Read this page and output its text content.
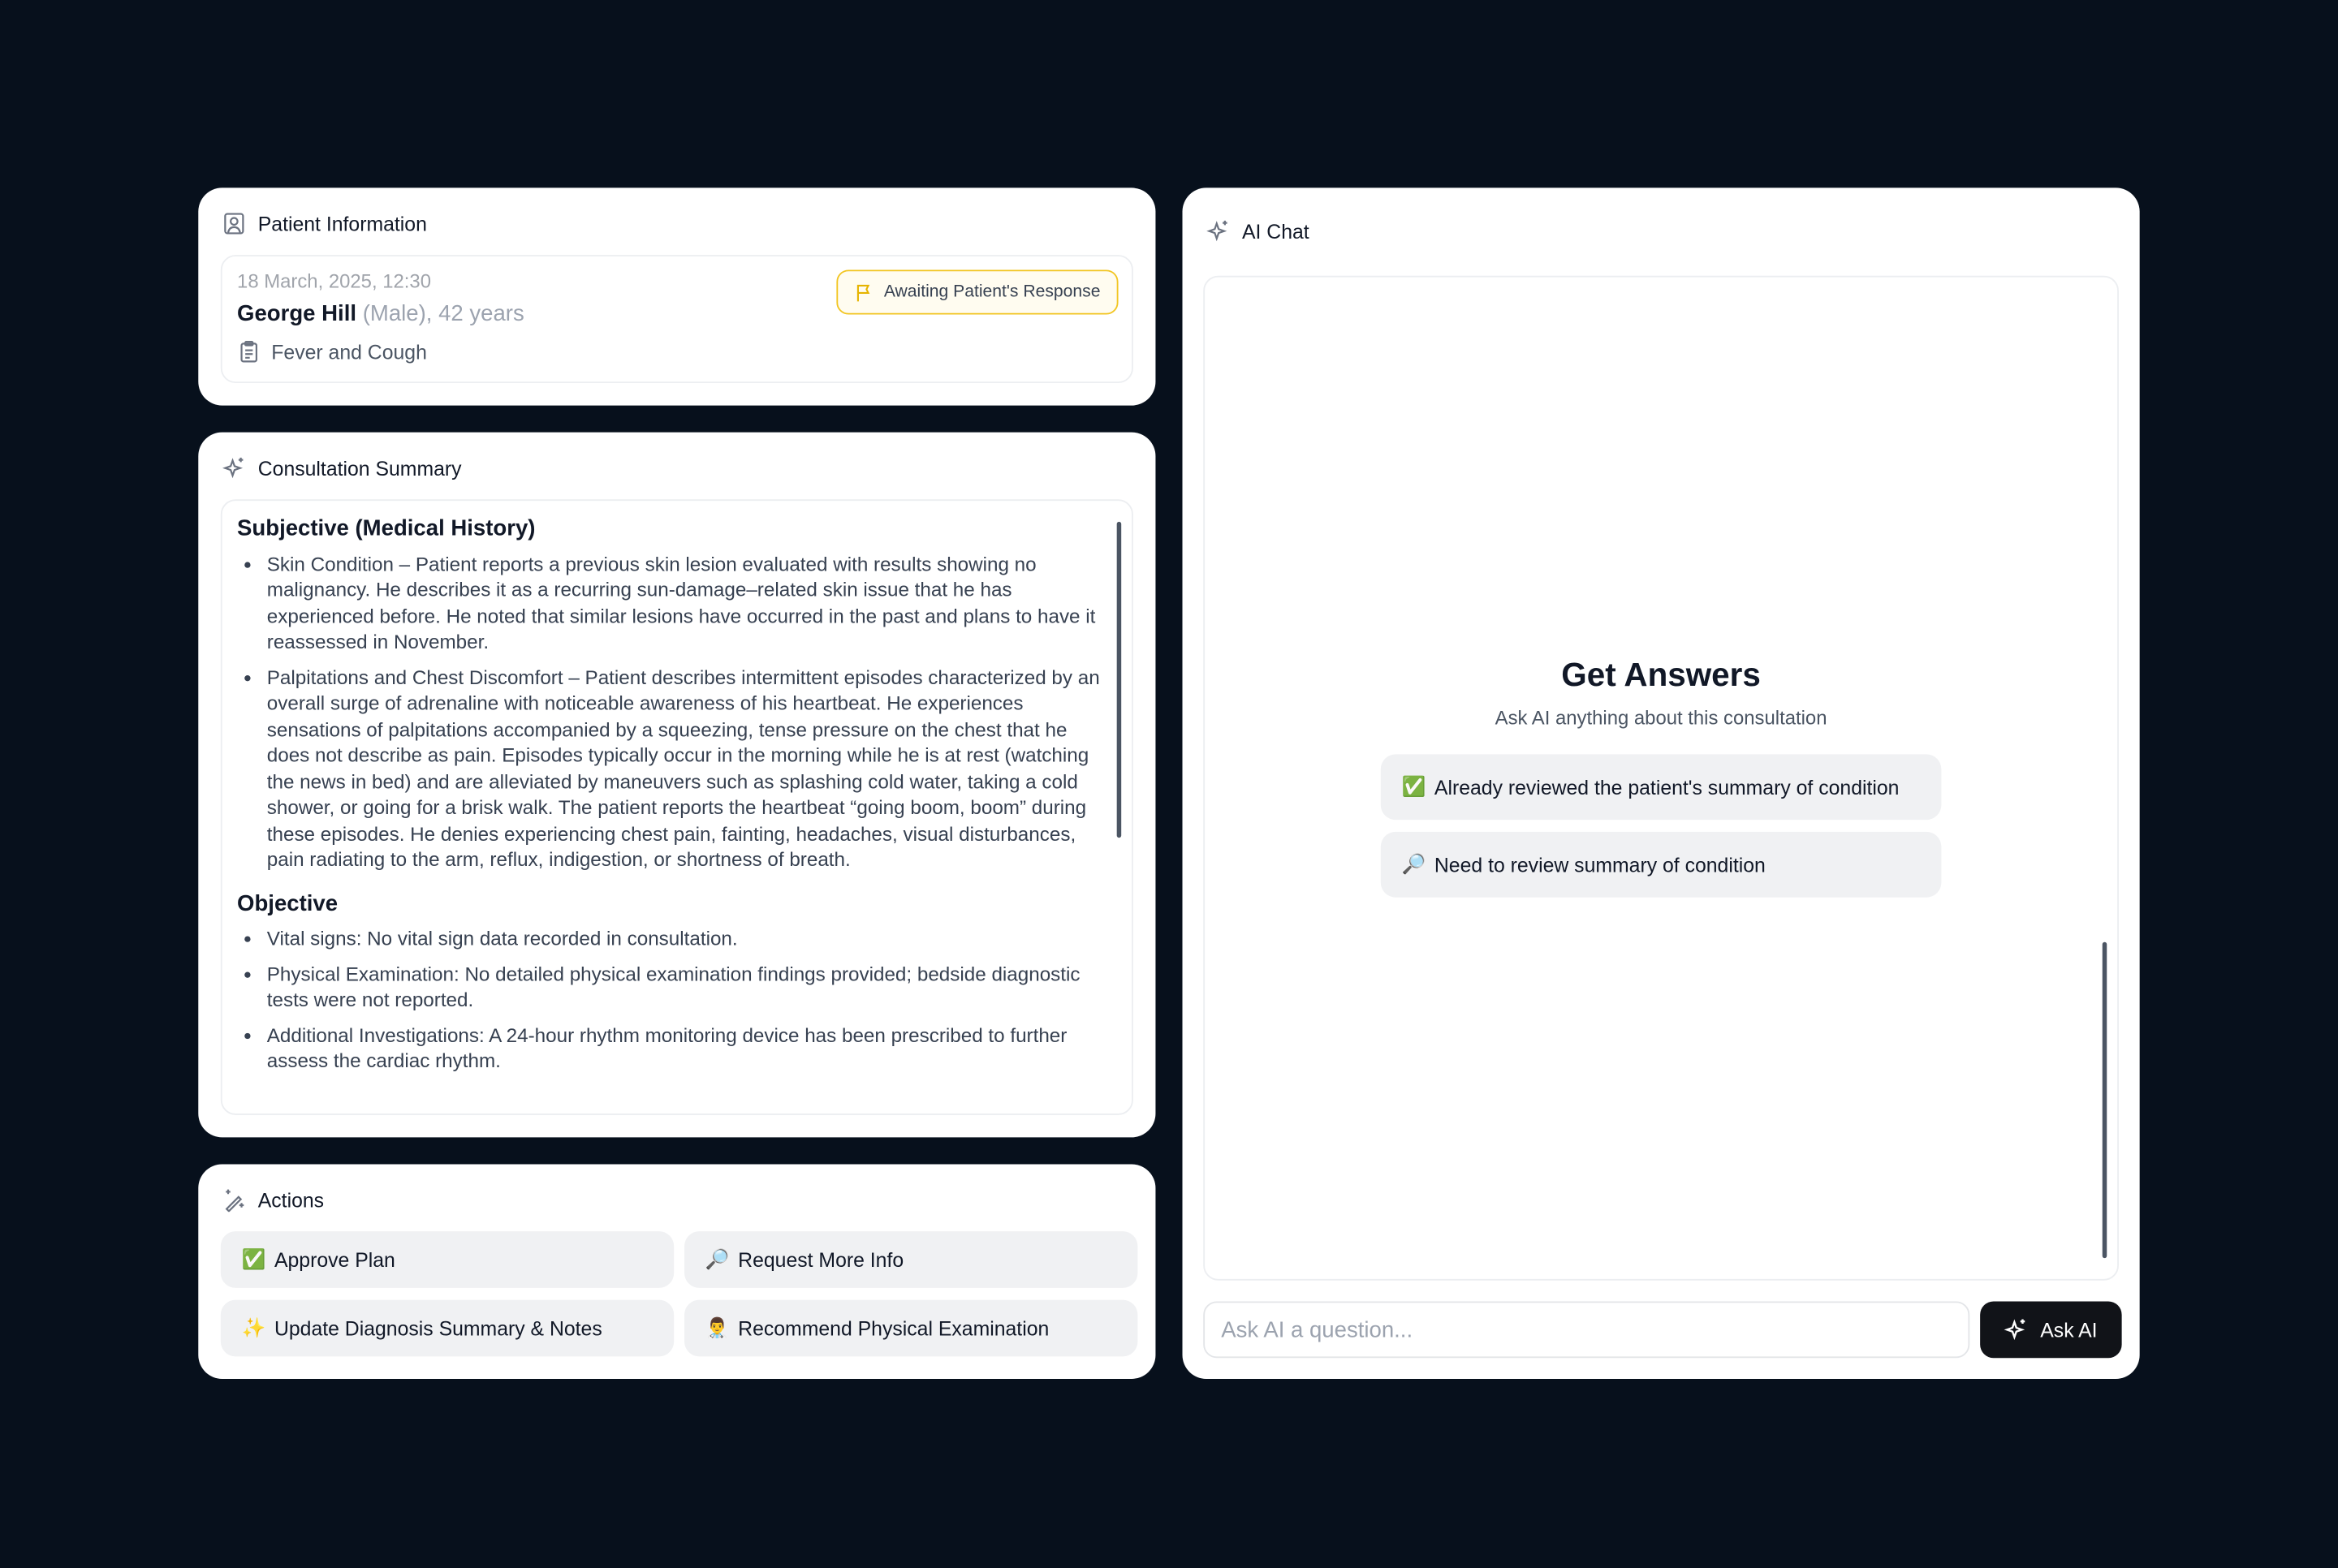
Patient Information
18 March, 2025, 12:30
George Hill (Male), 42 years
Fever and Cough
Awaiting Patient's Response
Consultation Summary
Subjective (Medical History)
• Skin Condition – Patient reports a previous skin lesion evaluated with results showing no malignancy. He describes it as a recurring sun-damage–related skin issue that he has experienced before. He noted that similar lesions have occurred in the past and plans to have it reassessed in November.
• Palpitations and Chest Discomfort – Patient describes intermittent episodes characterized by an overall surge of adrenaline with noticeable awareness of his heartbeat. He experiences sensations of palpitations accompanied by a squeezing, tense pressure on the chest that he does not describe as pain. Episodes typically occur in the morning while he is at rest (watching the news in bed) and are alleviated by maneuvers such as splashing cold water, taking a cold shower, or going for a brisk walk. The patient reports the heartbeat “going boom, boom” during these episodes. He denies experiencing chest pain, fainting, headaches, visual disturbances, pain radiating to the arm, reflux, indigestion, or shortness of breath.
Objective
• Vital signs: No vital sign data recorded in consultation.
• Physical Examination: No detailed physical examination findings provided; bedside diagnostic tests were not reported.
• Additional Investigations: A 24-hour rhythm monitoring device has been prescribed to further assess the cardiac rhythm.
Actions
✅ Approve Plan	🔎 Request More Info
✨ Update Diagnosis Summary & Notes	👨‍⚕️ Recommend Physical Examination
AI Chat
Get Answers
Ask AI anything about this consultation
✅ Already reviewed the patient's summary of condition
🔎 Need to review summary of condition
Ask AI a question...
Ask AI
